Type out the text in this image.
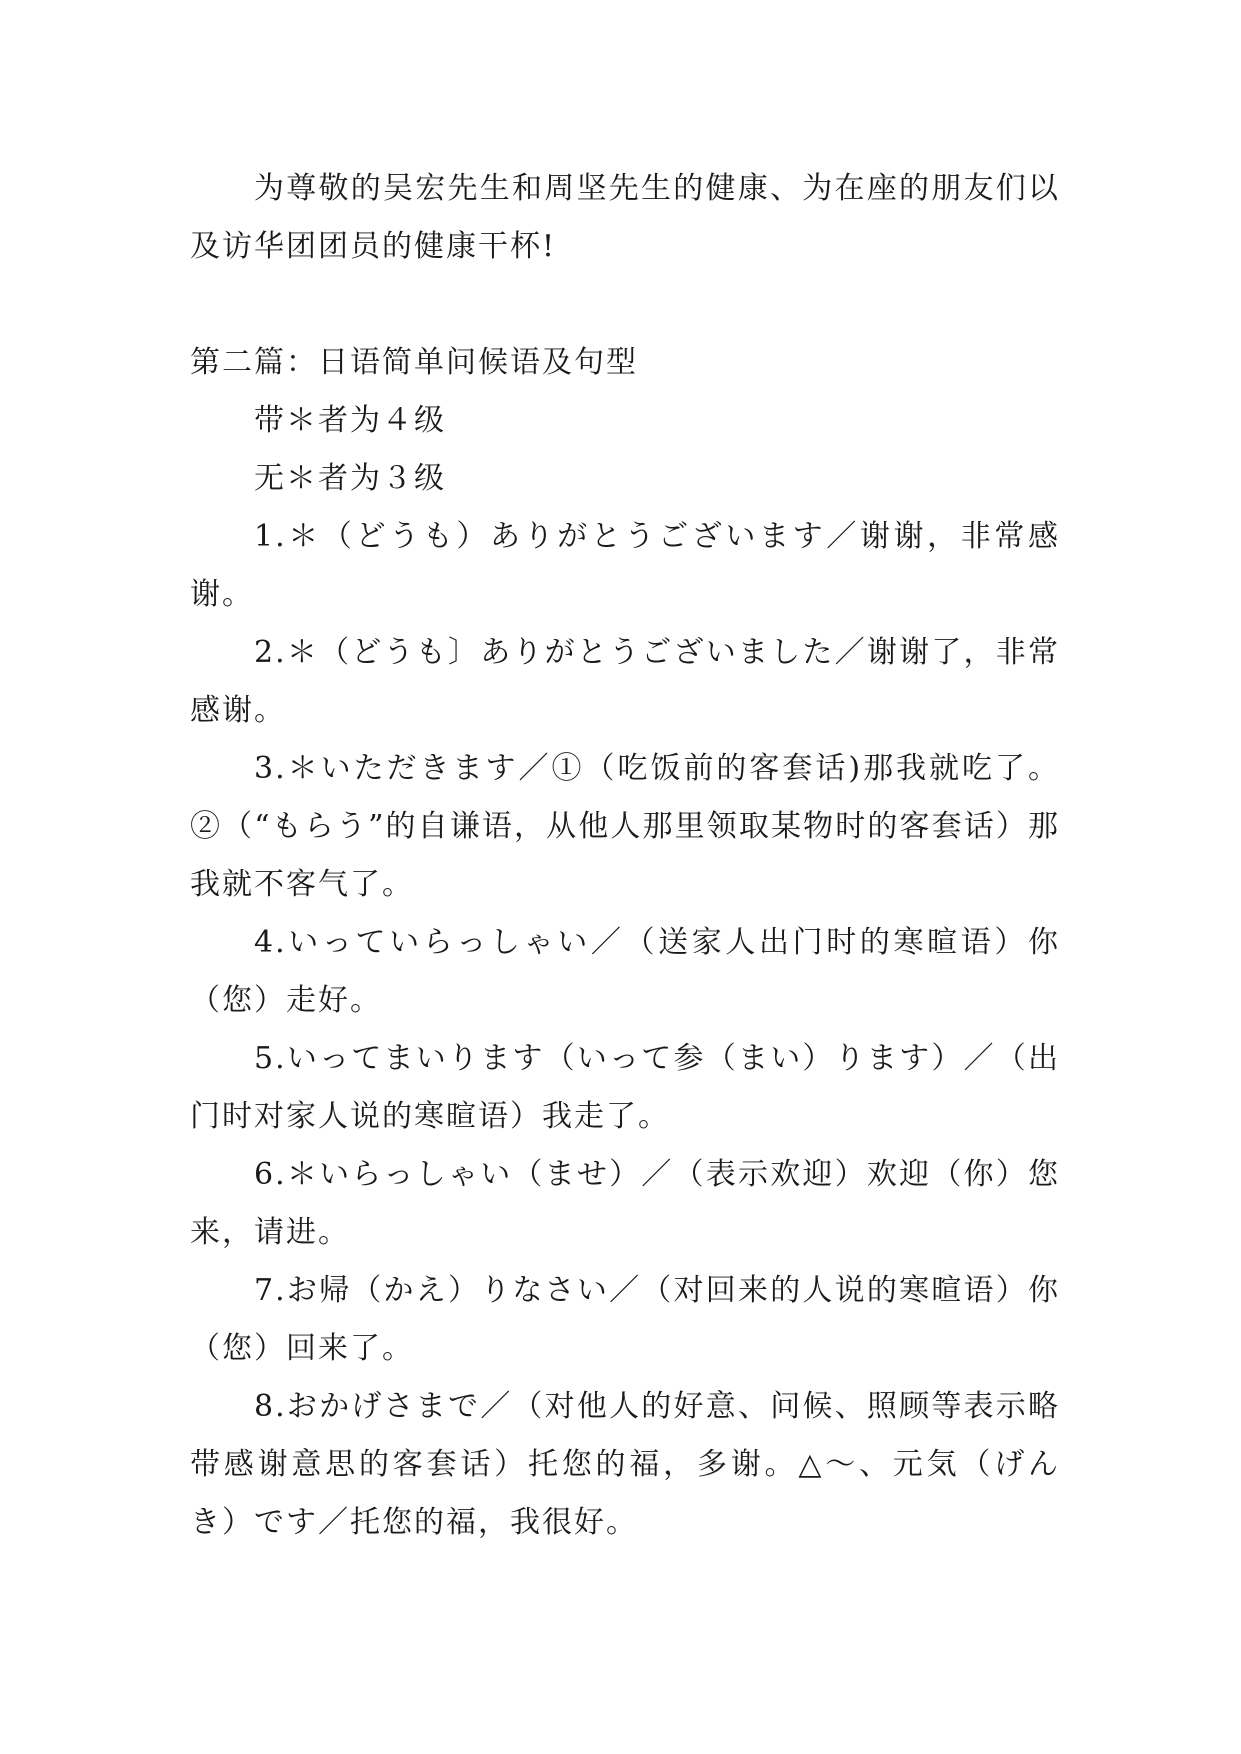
为尊敬的吴宏先生和周坚先生的健康、为在座的朋友们以及访华团团员的健康干杯!

第二篇：日语简单问候语及句型

带＊者为４级

无＊者为３级

1.＊（どうも）ありがとうございます／谢谢，非常感谢。

2.＊（どうも〕ありがとうございました／谢谢了，非常感谢。

3.＊いただきます／①（吃饭前的客套话)那我就吃了。②（“もらう”的自谦语，从他人那里领取某物时的客套话）那我就不客气了。

4.いっていらっしゃい／（送家人出门时的寒暄语）你（您）走好。

5.いってまいります（いって参（まい）ります）／（出门时对家人说的寒暄语）我走了。

6.＊いらっしゃい（ませ）／（表示欢迎）欢迎（你）您来，请进。

7.お帰（かえ）りなさい／（对回来的人说的寒暄语）你（您）回来了。

8.おかげさまで／（对他人的好意、问候、照顾等表示略带感谢意思的客套话）托您的福，多谢。△～、元気（げんき）です／托您的福，我很好。
